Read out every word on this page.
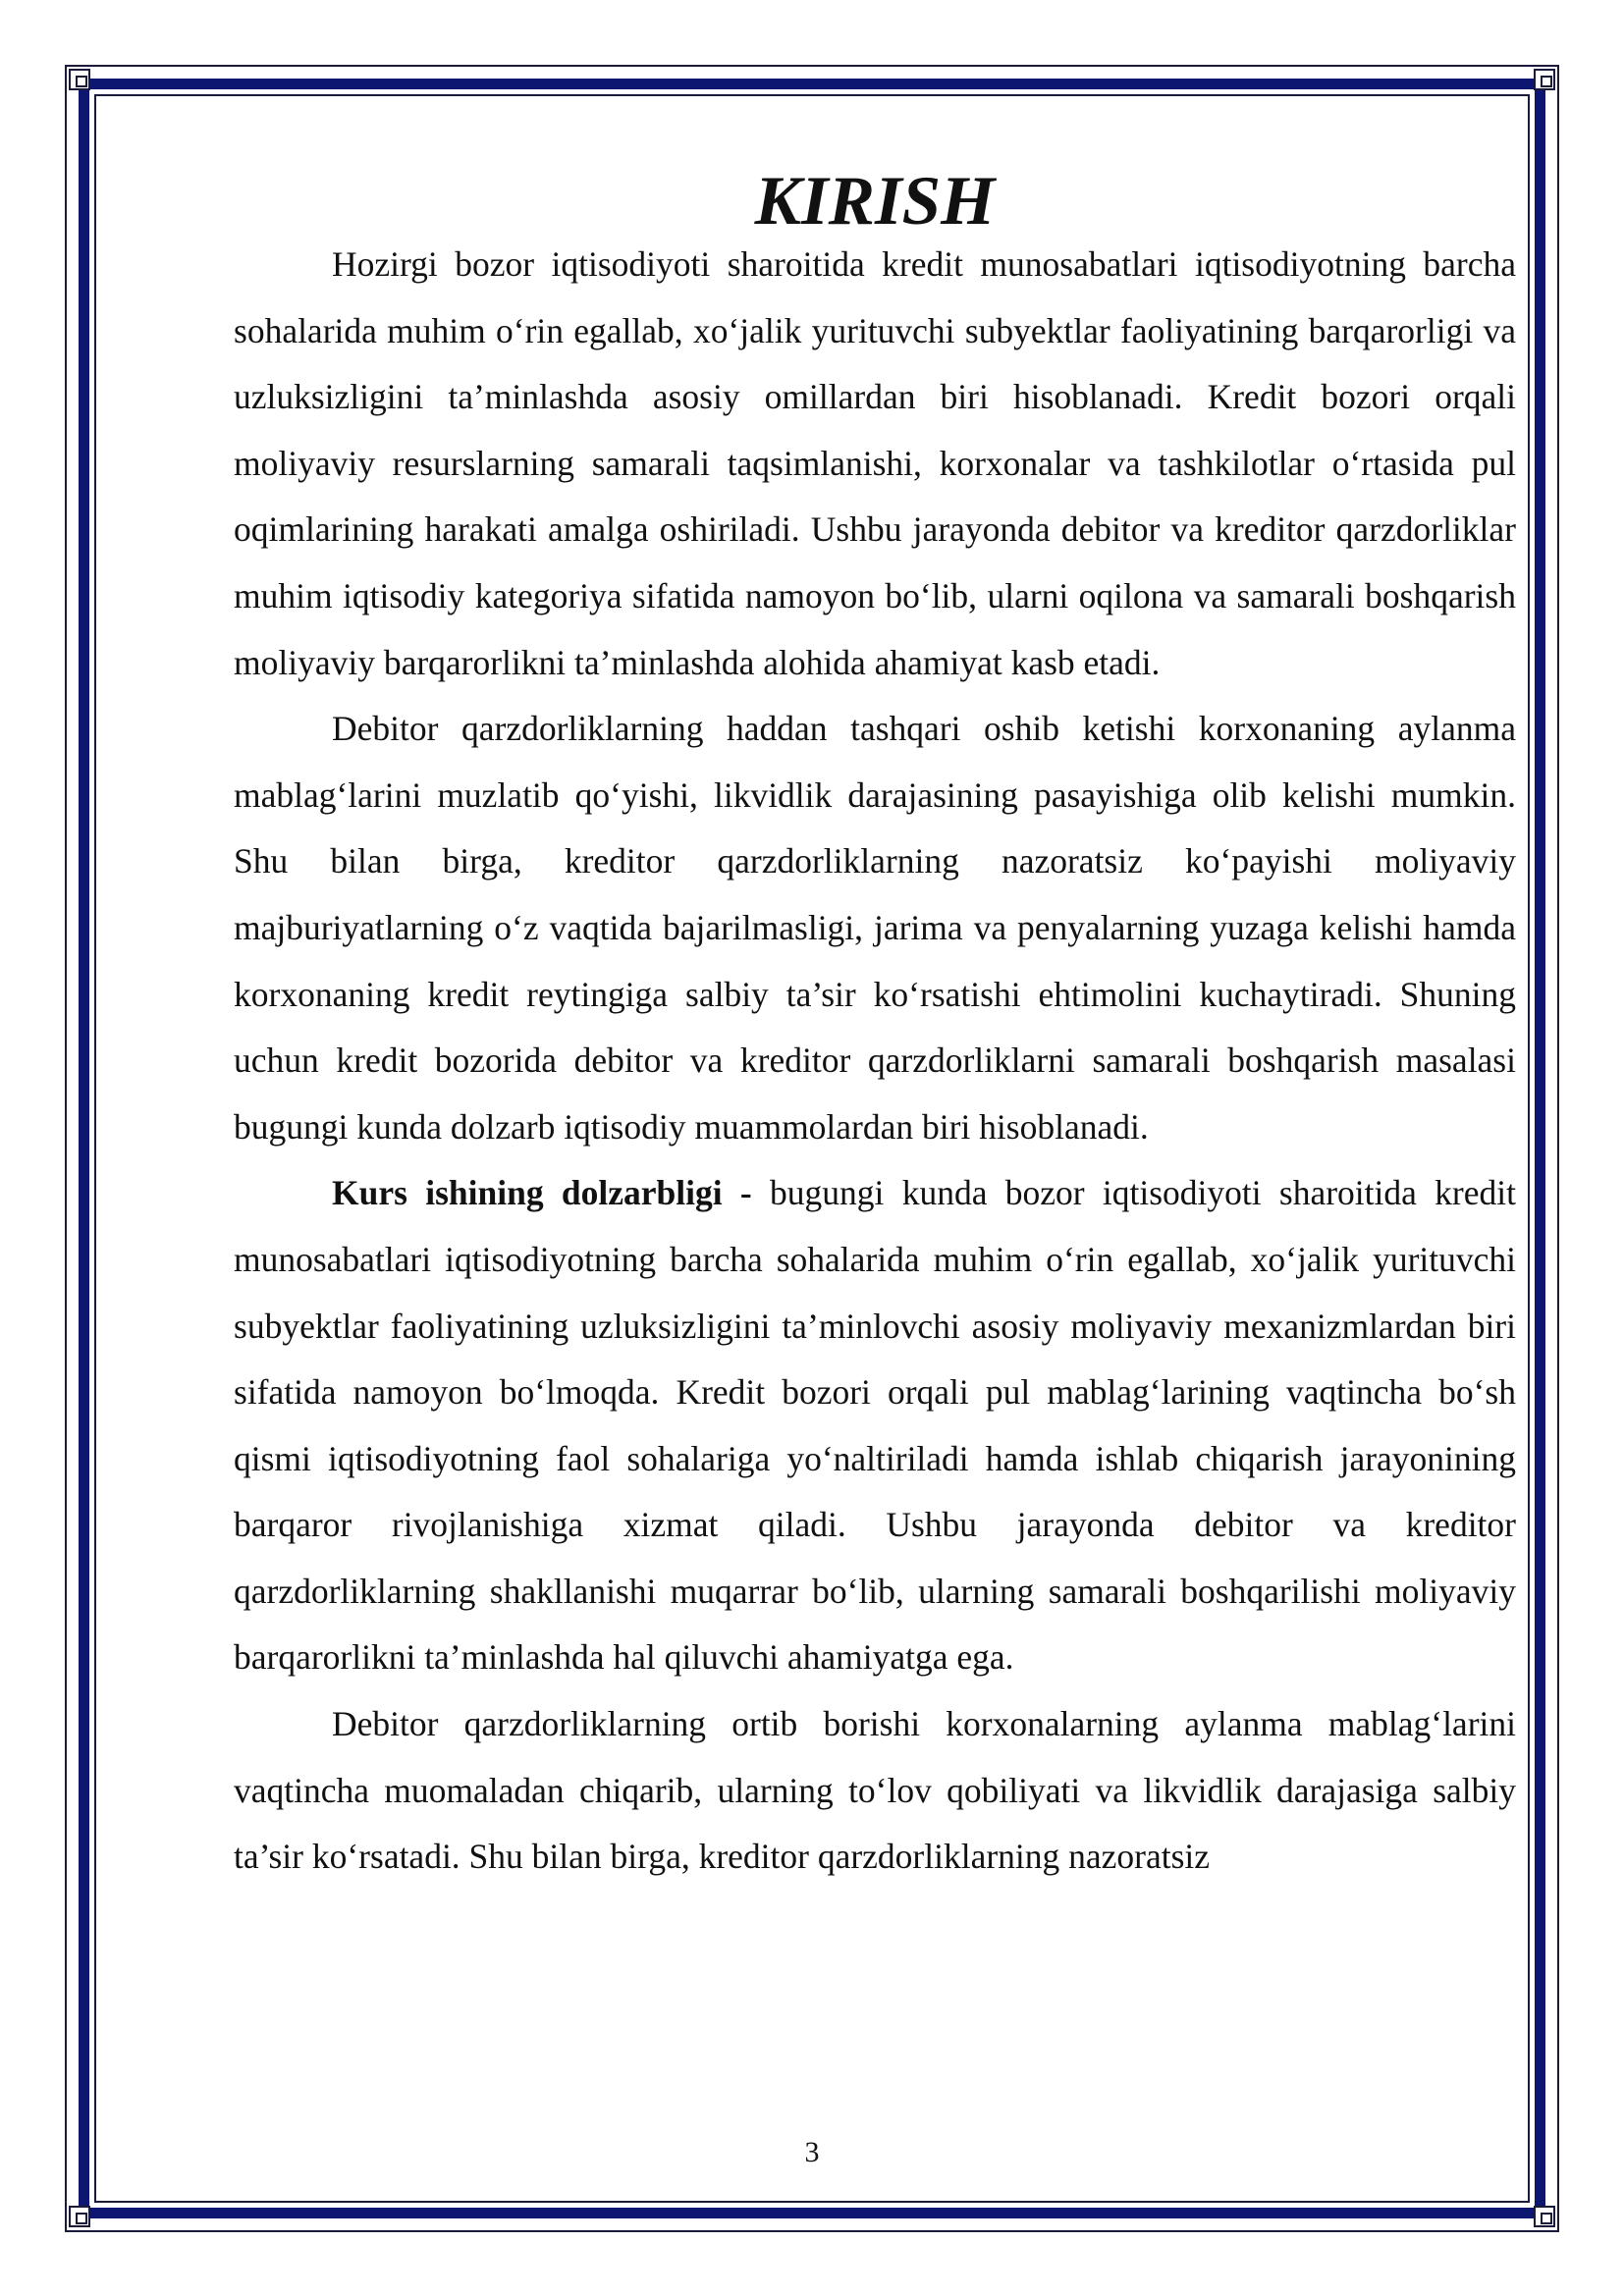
KIRISH

Hozirgi bozor iqtisodiyoti sharoitida kredit munosabatlari iqtisodiyotning barcha sohalarida muhim o‘rin egallab, xo‘jalik yurituvchi subyektlar faoliyatining barqarorligi va uzluksizligini ta’minlashda asosiy omillardan biri hisoblanadi. Kredit bozori orqali moliyaviy resurslarning samarali taqsimlanishi, korxonalar va tashkilotlar o‘rtasida pul oqimlarining harakati amalga oshiriladi. Ushbu jarayonda debitor va kreditor qarzdorliklar muhim iqtisodiy kategoriya sifatida namoyon bo‘lib, ularni oqilona va samarali boshqarish moliyaviy barqarorlikni ta’minlashda alohida ahamiyat kasb etadi.

Debitor qarzdorliklarning haddan tashqari oshib ketishi korxonaning aylanma mablag‘larini muzlatib qo‘yishi, likvidlik darajasining pasayishiga olib kelishi mumkin. Shu bilan birga, kreditor qarzdorliklarning nazoratsiz ko‘payishi moliyaviy majburiyatlarning o‘z vaqtida bajarilmasligi, jarima va penyalarning yuzaga kelishi hamda korxonaning kredit reytingiga salbiy ta’sir ko‘rsatishi ehtimolini kuchaytiradi. Shuning uchun kredit bozorida debitor va kreditor qarzdorliklarni samarali boshqarish masalasi bugungi kunda dolzarb iqtisodiy muammolardan biri hisoblanadi.

Kurs ishining dolzarbligi - bugungi kunda bozor iqtisodiyoti sharoitida kredit munosabatlari iqtisodiyotning barcha sohalarida muhim o‘rin egallab, xo‘jalik yurituvchi subyektlar faoliyatining uzluksizligini ta’minlovchi asosiy moliyaviy mexanizmlardan biri sifatida namoyon bo‘lmoqda. Kredit bozori orqali pul mablag‘larining vaqtincha bo‘sh qismi iqtisodiyotning faol sohalariga yo‘naltiriladi hamda ishlab chiqarish jarayonining barqaror rivojlanishiga xizmat qiladi. Ushbu jarayonda debitor va kreditor qarzdorliklarning shakllanishi muqarrar bo‘lib, ularning samarali boshqarilishi moliyaviy barqarorlikni ta’minlashda hal qiluvchi ahamiyatga ega.

Debitor qarzdorliklarning ortib borishi korxonalarning aylanma mablag‘larini vaqtincha muomaladan chiqarib, ularning to‘lov qobiliyati va likvidlik darajasiga salbiy ta’sir ko‘rsatadi. Shu bilan birga, kreditor qarzdorliklarning nazoratsiz

3
